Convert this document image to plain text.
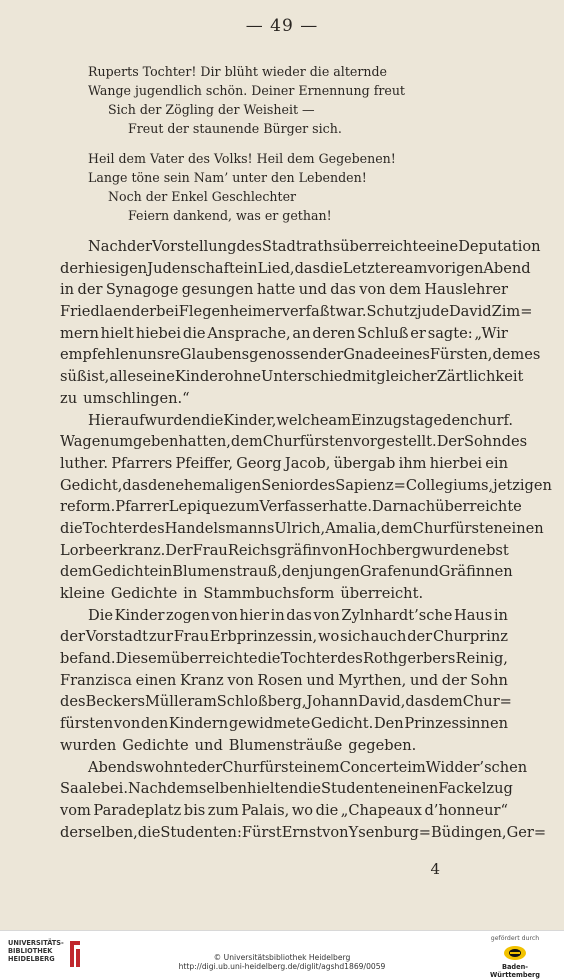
— 49 —
Ruperts Tochter! Dir blüht wieder die alternde
Wange jugendlich schön. Deiner Ernennung freut
Sich der Zögling der Weisheit —
Freut der staunende Bürger sich.
Heil dem Vater des Volks! Heil dem Gegebenen!
Lange töne sein Nam’ unter den Lebenden!
Noch der Enkel Geschlechter
Feiern dankend, was er gethan!
Nach der Vorstellung des Stadtraths überreichte eine Deputation
der hiesigen Judenschaft ein Lied, das die Letztere am vorigen Abend
in der Synagoge gesungen hatte und das von dem Hauslehrer
Friedlaender bei Flegenheimer verfaßt war. Schutzjude David Zim=
mern hielt hiebei die Ansprache, an deren Schluß er sagte: „Wir
empfehlen unsre Glaubensgenossen der Gnade eines Fürsten, dem es
süß ist, alle seine Kinder ohne Unterschied mit gleicher Zärtlichkeit
zu umschlingen.“
Hierauf wurden die Kinder, welche am Einzugstage den churf.
Wagen umgeben hatten, dem Churfürsten vorgestellt. Der Sohn des
luther. Pfarrers Pfeiffer, Georg Jacob, übergab ihm hierbei ein
Gedicht, das den ehemaligen Senior des Sapienz=Collegiums, jetzigen
reform. Pfarrer Lepique zum Verfasser hatte. Darnach überreichte
die Tochter des Handelsmanns Ulrich, Amalia, dem Churfürsten einen
Lorbeerkranz. Der Frau Reichsgräfin von Hochberg wurde nebst
dem Gedicht ein Blumenstrauß, den jungen Grafen und Gräfinnen
kleine Gedichte in Stammbuchsform überreicht.
Die Kinder zogen von hier in das von Zylnhardt’sche Haus in
der Vorstadt zur Frau Erbprinzessin, wo sich auch der Churprinz
befand. Diesem überreichte die Tochter des Rothgerbers Reinig,
Franzisca einen Kranz von Rosen und Myrthen, und der Sohn
des Beckers Müller am Schloßberg, Johann David, das dem Chur=
fürsten von den Kindern gewidmete Gedicht. Den Prinzessinnen
wurden Gedichte und Blumensträuße gegeben.
Abends wohnte der Churfürst einem Concerte im Widder’schen
Saale bei. Nach demselben hielten die Studenten einen Fackelzug
vom Paradeplatz bis zum Palais, wo die „Chapeaux d’honneur“
derselben, die Studenten: Fürst Ernst von Ysenburg=Büdingen, Ger=
4
UNIVERSITÄTS-
BIBLIOTHEK
HEIDELBERG	© Universitätsbibliothek Heidelberg
http://digi.ub.uni-heidelberg.de/diglit/agshd1869/0059
gefördert durch
Baden-Württemberg
